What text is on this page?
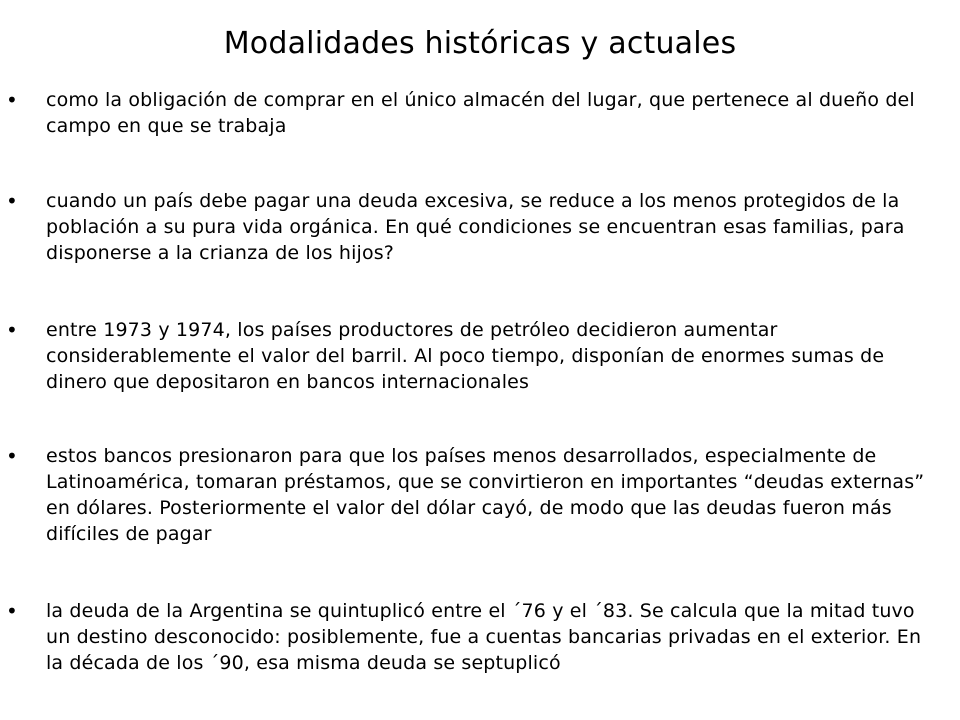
Modalidades históricas y actuales
• como la obligación de comprar en el único almacén del lugar, que pertenece al dueño del campo en que se trabaja
• cuando un país debe pagar una deuda excesiva, se reduce a los menos protegidos de la población a su pura vida orgánica. En qué condiciones se encuentran esas familias, para disponerse a la crianza de los hijos?
• entre 1973 y 1974, los países productores de petróleo decidieron aumentar considerablemente el valor del barril. Al poco tiempo, disponían de enormes sumas de dinero que depositaron en bancos internacionales
• estos bancos presionaron para que los países menos desarrollados, especialmente de Latinoamérica, tomaran préstamos, que se convirtieron en importantes “deudas externas” en dólares. Posteriormente el valor del dólar cayó, de modo que las deudas fueron más difíciles de pagar
• la deuda de la Argentina se quintuplicó entre el ´76 y el ´83. Se calcula que la mitad tuvo un destino desconocido: posiblemente, fue a cuentas bancarias privadas en el exterior. En la década de los ´90, esa misma deuda se septuplicó
